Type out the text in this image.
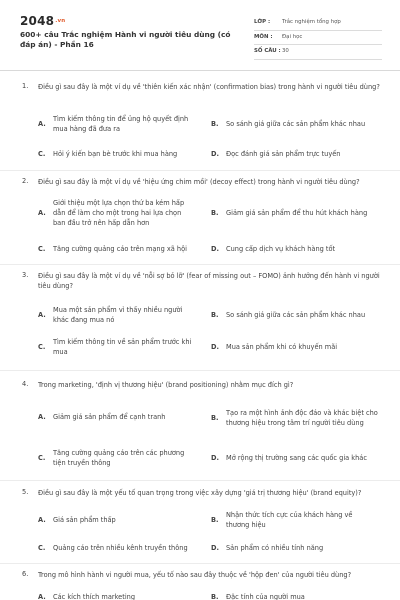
$2048^{.vn}$
600+ câu Trắc nghiệm Hành vi người tiêu dùng (có đáp án) - Phần 16
LỚP : Trắc nghiệm tổng hợp
MÔN : Đại học
SỐ CÂU : 30
1. Điều gì sau đây là một ví dụ về 'thiên kiến xác nhận' (confirmation bias) trong hành vi người tiêu dùng?
A.
Tìm kiếm thông tin để ủng hộ quyết định mua hàng đã đưa ra
B.	So sánh giá giữa các sản phẩm khác nhau
C.	Hỏi ý kiến bạn bè trước khi mua hàng	D.	Đọc đánh giá sản phẩm trực tuyến
2. Điều gì sau đây là một ví dụ về 'hiệu ứng chim mồi' (decoy effect) trong hành vi người tiêu dùng?
A.
Giới thiệu một lựa chọn thứ ba kém hấp dẫn để làm cho một trong hai lựa chọn ban đầu trở nên hấp dẫn hơn
B.	Giảm giá sản phẩm để thu hút khách hàng
C.	Tăng cường quảng cáo trên mạng xã hội	D.	Cung cấp dịch vụ khách hàng tốt
3. Điều gì sau đây là một ví dụ về 'nỗi sợ bỏ lỡ' (fear of missing out – FOMO) ảnh hưởng đến hành vi người tiêu dùng?
A.
Mua một sản phẩm vì thấy nhiều người khác đang mua nó
B.	So sánh giá giữa các sản phẩm khác nhau
C.
Tìm kiếm thông tin về sản phẩm trước khi mua
D.	Mua sản phẩm khi có khuyến mãi
4. Trong marketing, 'định vị thương hiệu' (brand positioning) nhằm mục đích gì?
A.	Giảm giá sản phẩm để cạnh tranh	B.
Tạo ra một hình ảnh độc đáo và khác biệt cho thương hiệu trong tâm trí người tiêu dùng
C.
Tăng cường quảng cáo trên các phương tiện truyền thông
D.	Mở rộng thị trường sang các quốc gia khác
5. Điều gì sau đây là một yếu tố quan trọng trong việc xây dựng 'giá trị thương hiệu' (brand equity)?
A.	Giá sản phẩm thấp	B.
Nhận thức tích cực của khách hàng về thương hiệu
C.	Quảng cáo trên nhiều kênh truyền thông	D.	Sản phẩm có nhiều tính năng
6. Trong mô hình hành vi người mua, yếu tố nào sau đây thuộc về 'hộp đen' của người tiêu dùng?
A.	Các kích thích marketing	B.	Đặc tính của người mua
